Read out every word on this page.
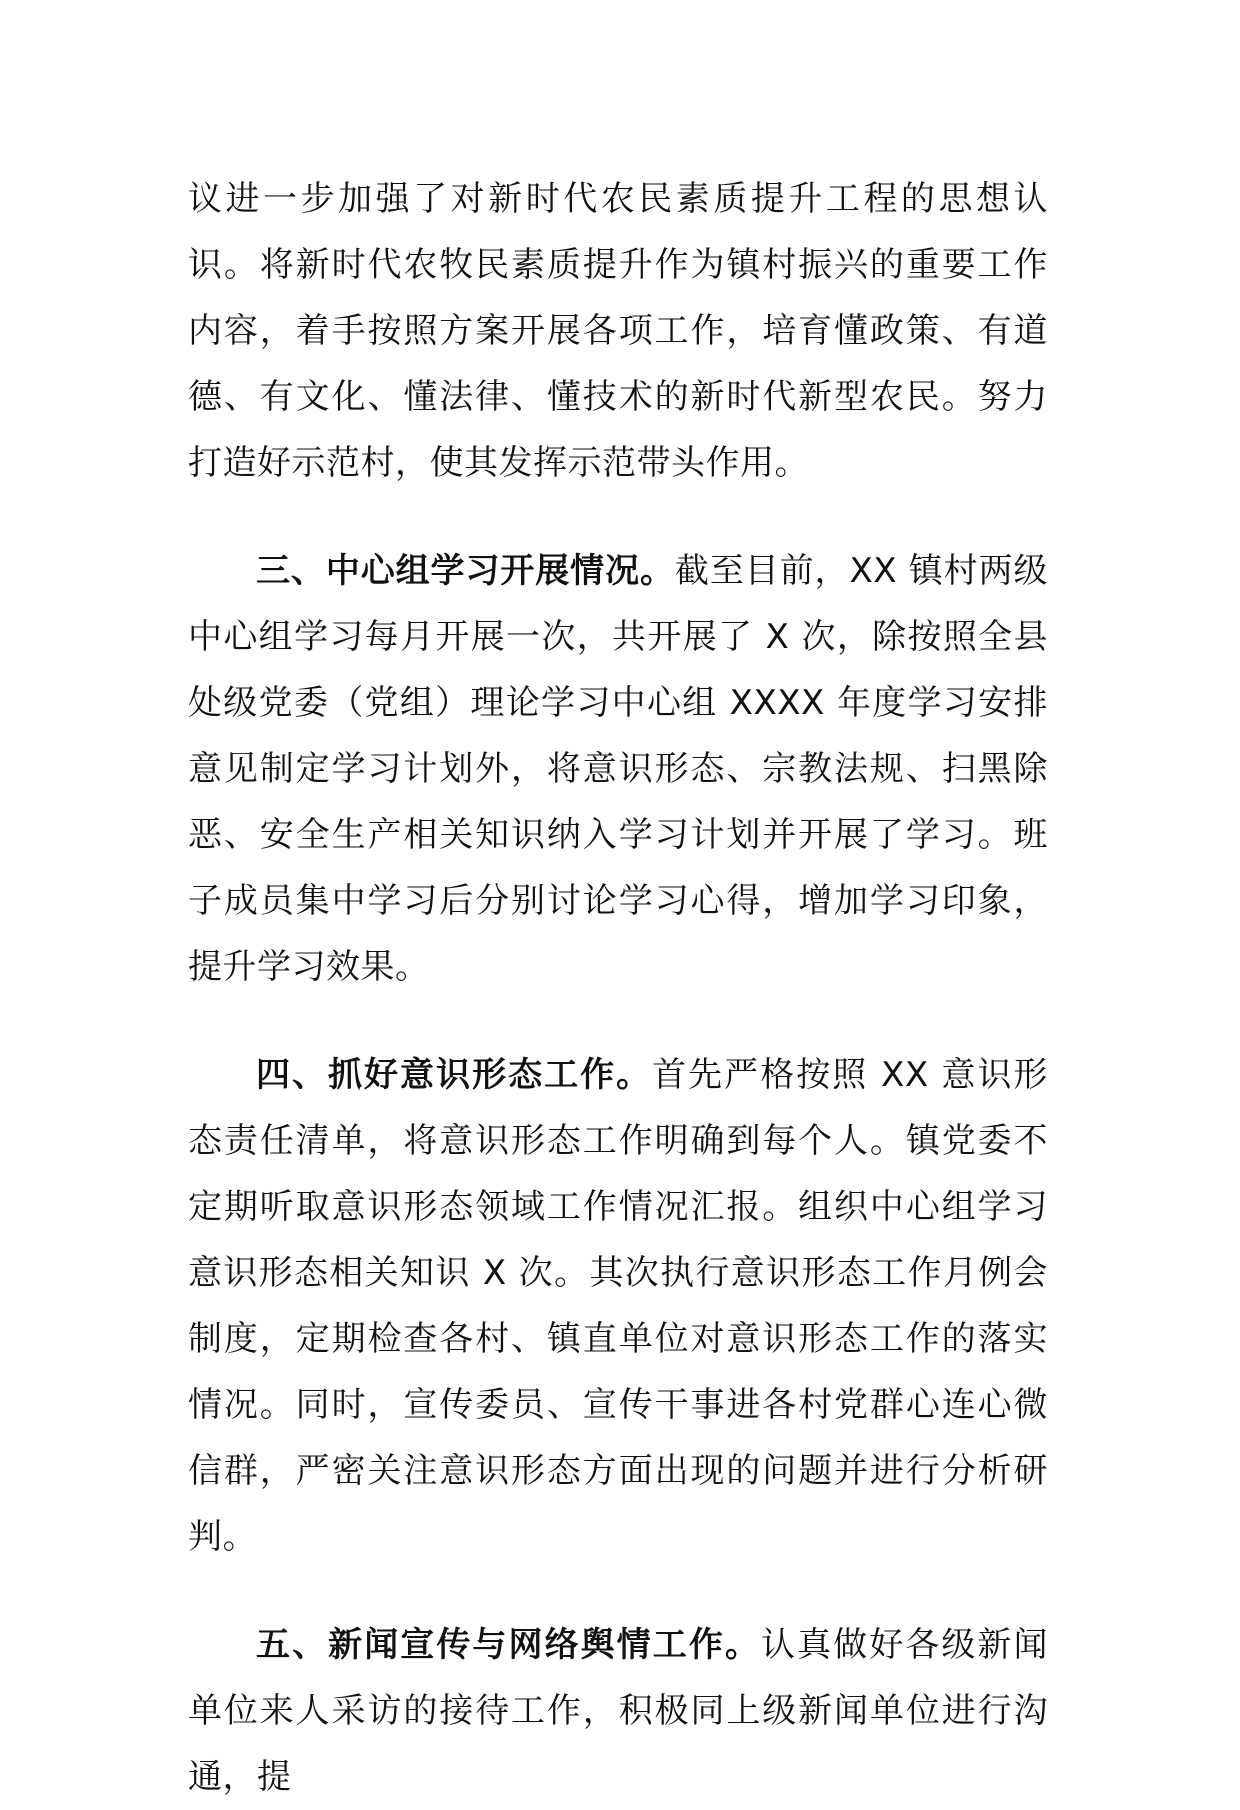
议进一步加强了对新时代农民素质提升工程的思想认识。将新时代农牧民素质提升作为镇村振兴的重要工作内容，着手按照方案开展各项工作，培育懂政策、有道德、有文化、懂法律、懂技术的新时代新型农民。努力打造好示范村，使其发挥示范带头作用。

三、中心组学习开展情况。截至目前，XX 镇村两级中心组学习每月开展一次，共开展了 X 次，除按照全县处级党委（党组）理论学习中心组 XXXX 年度学习安排意见制定学习计划外，将意识形态、宗教法规、扫黑除恶、安全生产相关知识纳入学习计划并开展了学习。班子成员集中学习后分别讨论学习心得，增加学习印象，提升学习效果。

四、抓好意识形态工作。首先严格按照 XX 意识形态责任清单，将意识形态工作明确到每个人。镇党委不定期听取意识形态领域工作情况汇报。组织中心组学习意识形态相关知识 X 次。其次执行意识形态工作月例会制度，定期检查各村、镇直单位对意识形态工作的落实情况。同时，宣传委员、宣传干事进各村党群心连心微信群，严密关注意识形态方面出现的问题并进行分析研判。

五、新闻宣传与网络舆情工作。认真做好各级新闻单位来人采访的接待工作，积极同上级新闻单位进行沟通，提
